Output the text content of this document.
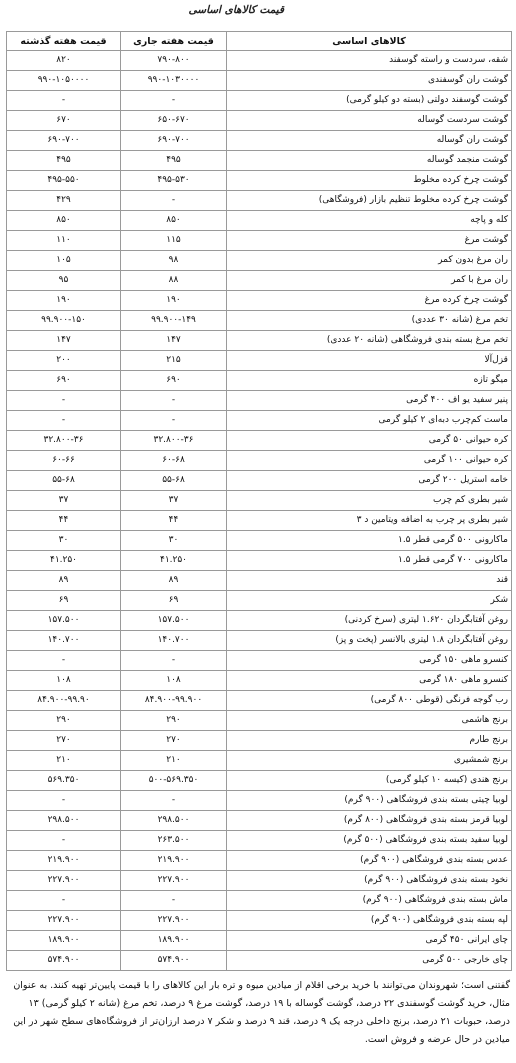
قیمت کالاهای اساسی
کالاهای اساسی	قیمت هفته جاری	قیمت هفته گذشته
شقه، سردست و راسته گوسفند	۷۹۰-۸۰۰	۸۲۰
گوشت ران گوسفندی	۹۹۰-۱۰۳۰۰۰۰	۹۹۰-۱۰۵۰۰۰۰
گوشت گوسفند دولتی (بسته دو کیلو گرمی)	-	-
گوشت سردست گوساله	۶۵۰-۶۷۰	۶۷۰
گوشت ران گوساله	۶۹۰-۷۰۰	۶۹۰-۷۰۰
گوشت منجمد گوساله	۴۹۵	۴۹۵
گوشت چرخ کرده مخلوط	۴۹۵-۵۳۰	۴۹۵-۵۵۰
گوشت چرخ کرده مخلوط تنظیم بازار (فروشگاهی)	-	۴۲۹
کله و پاچه	۸۵۰	۸۵۰
گوشت مرغ	۱۱۵	۱۱۰
ران مرغ بدون کمر	۹۸	۱۰۵
ران مرغ با کمر	۸۸	۹۵
گوشت چرخ کرده مرغ	۱۹۰	۱۹۰
تخم مرغ (شانه ۳۰ عددی)	۹۹.۹۰۰-۱۴۹	۹۹.۹۰۰-۱۵۰
تخم مرغ بسته بندی فروشگاهی (شانه ۲۰ عددی)	۱۴۷	۱۴۷
قزل‌آلا	۲۱۵	۲۰۰
میگو تازه	۶۹۰	۶۹۰
پنیر سفید یو اف ۴۰۰ گرمی	-	-
ماست کم‌چرب دبه‌ای ۲ کیلو گرمی	-	-
کره حیوانی ۵۰ گرمی	۳۲.۸۰۰-۳۶	۳۲.۸۰۰-۳۶
کره حیوانی ۱۰۰ گرمی	۶۰-۶۸	۶۰-۶۶
خامه استریل ۲۰۰ گرمی	۵۵-۶۸	۵۵-۶۸
شیر بطری کم چرب	۳۷	۳۷
شیر بطری پر چرب به اضافه ویتامین د ۳	۴۴	۴۴
ماکارونی ۵۰۰ گرمی قطر ۱.۵	۳۰	۳۰
ماکارونی ۷۰۰ گرمی قطر ۱.۵	۴۱.۲۵۰	۴۱.۲۵۰
قند	۸۹	۸۹
شکر	۶۹	۶۹
روغن آفتابگردان ۱.۶۲۰ لیتری (سرخ کردنی)	۱۵۷.۵۰۰	۱۵۷.۵۰۰
روغن آفتابگردان ۱.۸ لیتری بالانسر (پخت و پز)	۱۴۰.۷۰۰	۱۴۰.۷۰۰
کنسرو ماهی ۱۵۰ گرمی	-	-
کنسرو ماهی ۱۸۰ گرمی	۱۰۸	۱۰۸
رب گوجه فرنگی (قوطی ۸۰۰ گرمی)	۸۴.۹۰۰-۹۹.۹۰۰	۸۴.۹۰۰-۹۹.۹۰
برنج هاشمی	۲۹۰	۲۹۰
برنج طارم	۲۷۰	۲۷۰
برنج شمشیری	۲۱۰	۲۱۰
برنج هندی (کیسه ۱۰ کیلو گرمی)	۵۰۰-۵۶۹.۳۵۰	۵۶۹.۳۵۰
لوبیا چیتی بسته بندی فروشگاهی (۹۰۰ گرم)	-	-
لوبیا قرمز بسته بندی فروشگاهی (۸۰۰ گرم)	۲۹۸.۵۰۰	۲۹۸.۵۰۰
لوبیا سفید بسته بندی فروشگاهی (۵۰۰ گرم)	۲۶۳.۵۰۰	-
عدس بسته بندی فروشگاهی (۹۰۰ گرم)	۲۱۹.۹۰۰	۲۱۹.۹۰۰
نخود بسته بندی فروشگاهی (۹۰۰ گرم)	۲۲۷.۹۰۰	۲۲۷.۹۰۰
ماش بسته بندی فروشگاهی (۹۰۰ گرم)	-	-
لپه بسته بندی فروشگاهی (۹۰۰ گرم)	۲۲۷.۹۰۰	۲۲۷.۹۰۰
چای ایرانی ۴۵۰ گرمی	۱۸۹.۹۰۰	۱۸۹.۹۰۰
چای خارجی ۵۰۰ گرمی	۵۷۴.۹۰۰	۵۷۴.۹۰۰
گفتنی است؛ شهروندان می‌توانند با خرید برخی اقلام از میادین میوه و تره بار این کالاهای را با قیمت پایین‌تر تهیه کنند. به عنوان مثال، خرید گوشت گوسفندی ۲۲ درصد، گوشت گوساله با ۱۹ درصد، گوشت مرغ ۹ درصد، تخم مرغ (شانه ۲ کیلو گرمی) ۱۳ درصد، حبوبات ۲۱ درصد، برنج داخلی درجه یک ۹ درصد، قند ۹ درصد و شکر ۷ درصد ارزان‌تر از فروشگاه‌های سطح شهر در این میادین در حال عرضه و فروش است.
